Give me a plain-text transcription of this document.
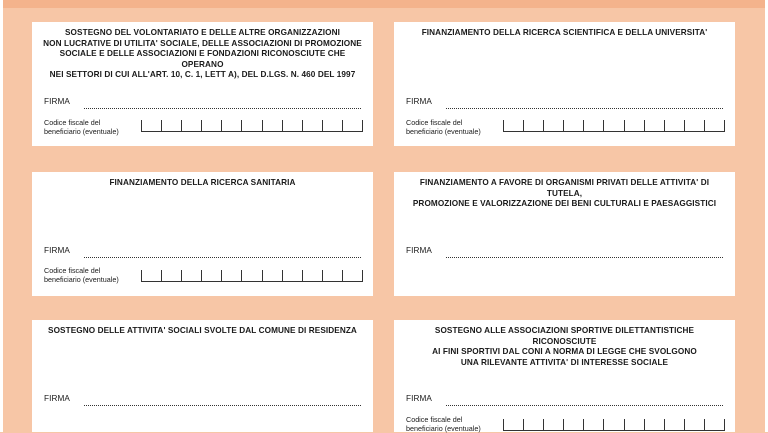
SOSTEGNO DEL VOLONTARIATO E DELLE ALTRE ORGANIZZAZIONI
NON LUCRATIVE DI UTILITA' SOCIALE, DELLE ASSOCIAZIONI DI PROMOZIONE
SOCIALE E DELLE ASSOCIAZIONI E FONDAZIONI RICONOSCIUTE CHE OPERANO
NEI SETTORI DI CUI ALL'ART. 10, C. 1, LETT A), DEL D.LGS. N. 460 DEL 1997
FIRMA
Codice fiscale del
beneficiario (eventuale)
FINANZIAMENTO DELLA RICERCA SCIENTIFICA E DELLA UNIVERSITA'
FIRMA
Codice fiscale del
beneficiario (eventuale)
FINANZIAMENTO DELLA RICERCA SANITARIA
FIRMA
Codice fiscale del
beneficiario (eventuale)
FINANZIAMENTO A FAVORE DI ORGANISMI PRIVATI DELLE ATTIVITA' DI TUTELA,
PROMOZIONE E VALORIZZAZIONE DEI BENI CULTURALI E PAESAGGISTICI
FIRMA
SOSTEGNO DELLE ATTIVITA' SOCIALI SVOLTE DAL COMUNE DI RESIDENZA
FIRMA
SOSTEGNO ALLE ASSOCIAZIONI SPORTIVE DILETTANTISTICHE RICONOSCIUTE
AI FINI SPORTIVI DAL CONI A NORMA DI LEGGE CHE SVOLGONO
UNA RILEVANTE ATTIVITA' DI INTERESSE SOCIALE
FIRMA
Codice fiscale del
beneficiario (eventuale)
